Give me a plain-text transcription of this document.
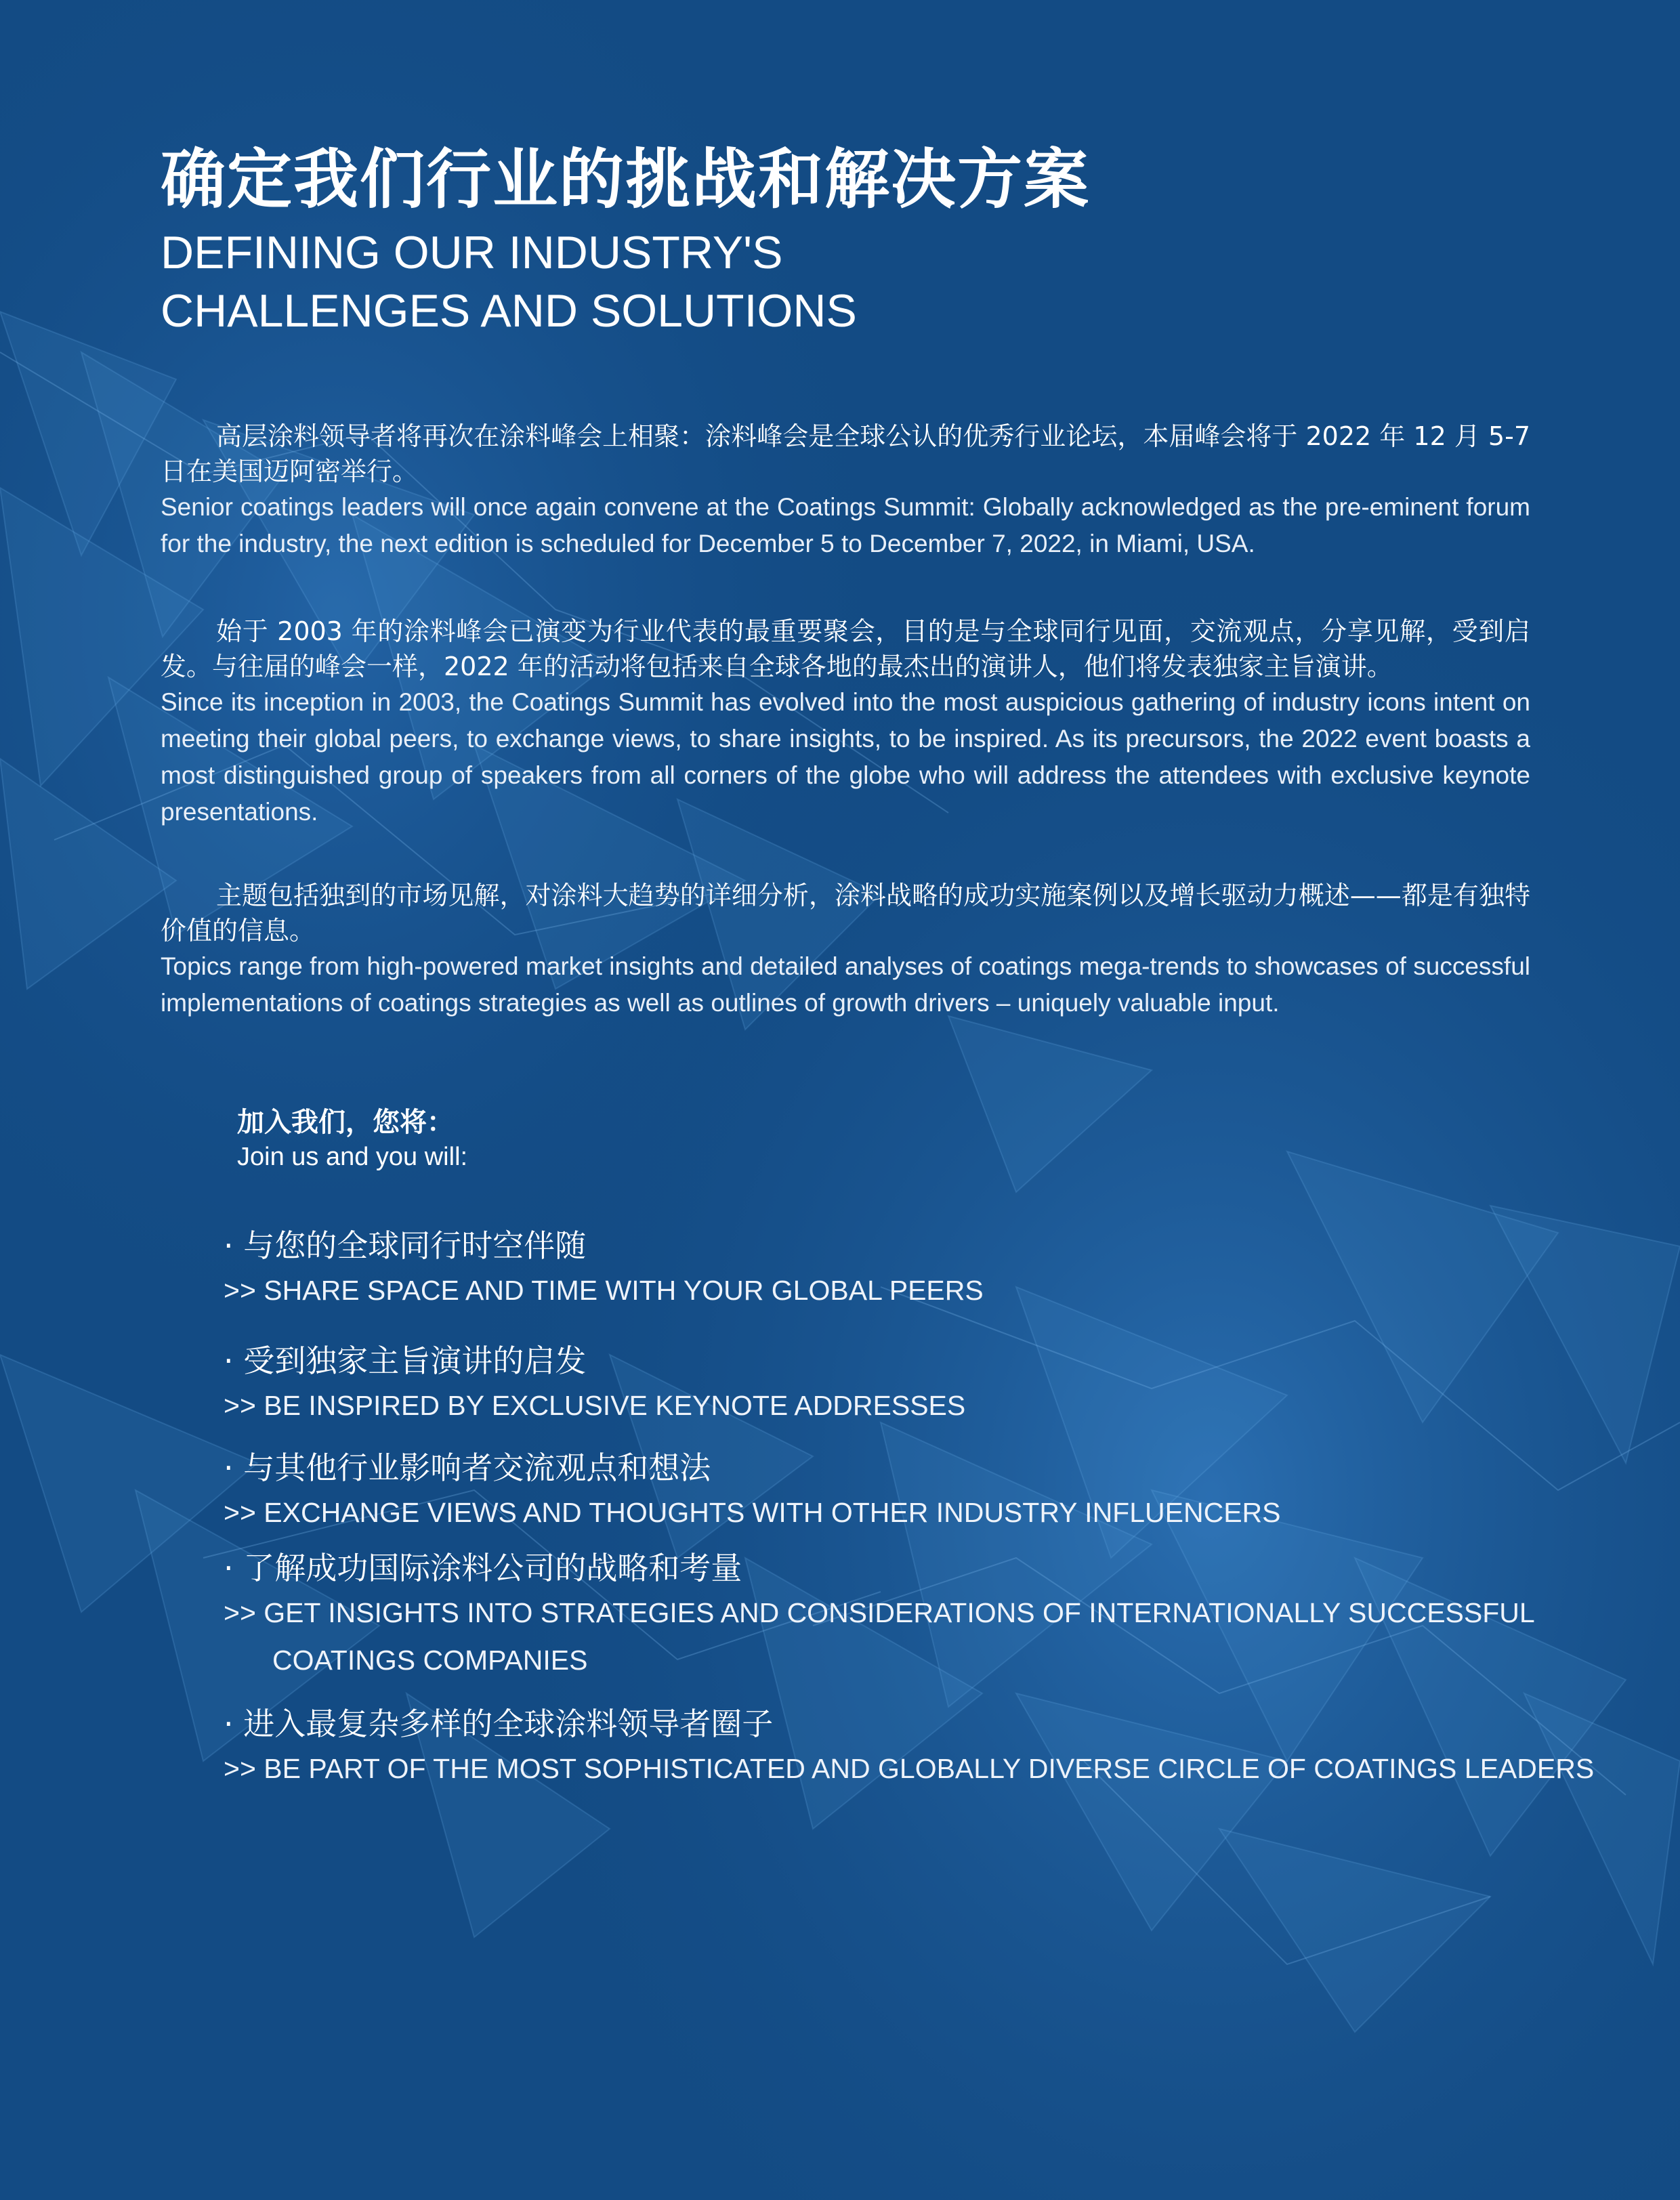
确定我们行业的挑战和解决方案
DEFINING OUR INDUSTRY'S
CHALLENGES AND SOLUTIONS
高层涂料领导者将再次在涂料峰会上相聚：涂料峰会是全球公认的优秀行业论坛，本届峰会将于 2022 年 12 月 5-7 日在美国迈阿密举行。
Senior coatings leaders will once again convene at the Coatings Summit: Globally acknowledged as the pre-eminent forum for the industry, the next edition is scheduled for December 5 to December 7, 2022, in Miami, USA.
始于 2003 年的涂料峰会已演变为行业代表的最重要聚会，目的是与全球同行见面，交流观点，分享见解，受到启发。与往届的峰会一样，2022 年的活动将包括来自全球各地的最杰出的演讲人，他们将发表独家主旨演讲。
Since its inception in 2003, the Coatings Summit has evolved into the most auspicious gathering of industry icons intent on meeting their global peers, to exchange views, to share insights, to be inspired. As its precursors, the 2022 event boasts a most distinguished group of speakers from all corners of the globe who will address the attendees with exclusive keynote presentations.
主题包括独到的市场见解，对涂料大趋势的详细分析，涂料战略的成功实施案例以及增长驱动力概述——都是有独特价值的信息。
Topics range from high-powered market insights and detailed analyses of coatings mega-trends to showcases of successful implementations of coatings strategies as well as outlines of growth drivers – uniquely valuable input.
加入我们，您将：
Join us and you will:
· 与您的全球同行时空伴随
>> SHARE SPACE AND TIME WITH YOUR GLOBAL PEERS
· 受到独家主旨演讲的启发
>> BE INSPIRED BY EXCLUSIVE KEYNOTE ADDRESSES
· 与其他行业影响者交流观点和想法
>> EXCHANGE VIEWS AND THOUGHTS WITH OTHER INDUSTRY INFLUENCERS
· 了解成功国际涂料公司的战略和考量
>> GET INSIGHTS INTO STRATEGIES AND CONSIDERATIONS OF INTERNATIONALLY SUCCESSFUL
COATINGS COMPANIES
· 进入最复杂多样的全球涂料领导者圈子
>> BE PART OF THE MOST SOPHISTICATED AND GLOBALLY DIVERSE CIRCLE OF COATINGS LEADERS
